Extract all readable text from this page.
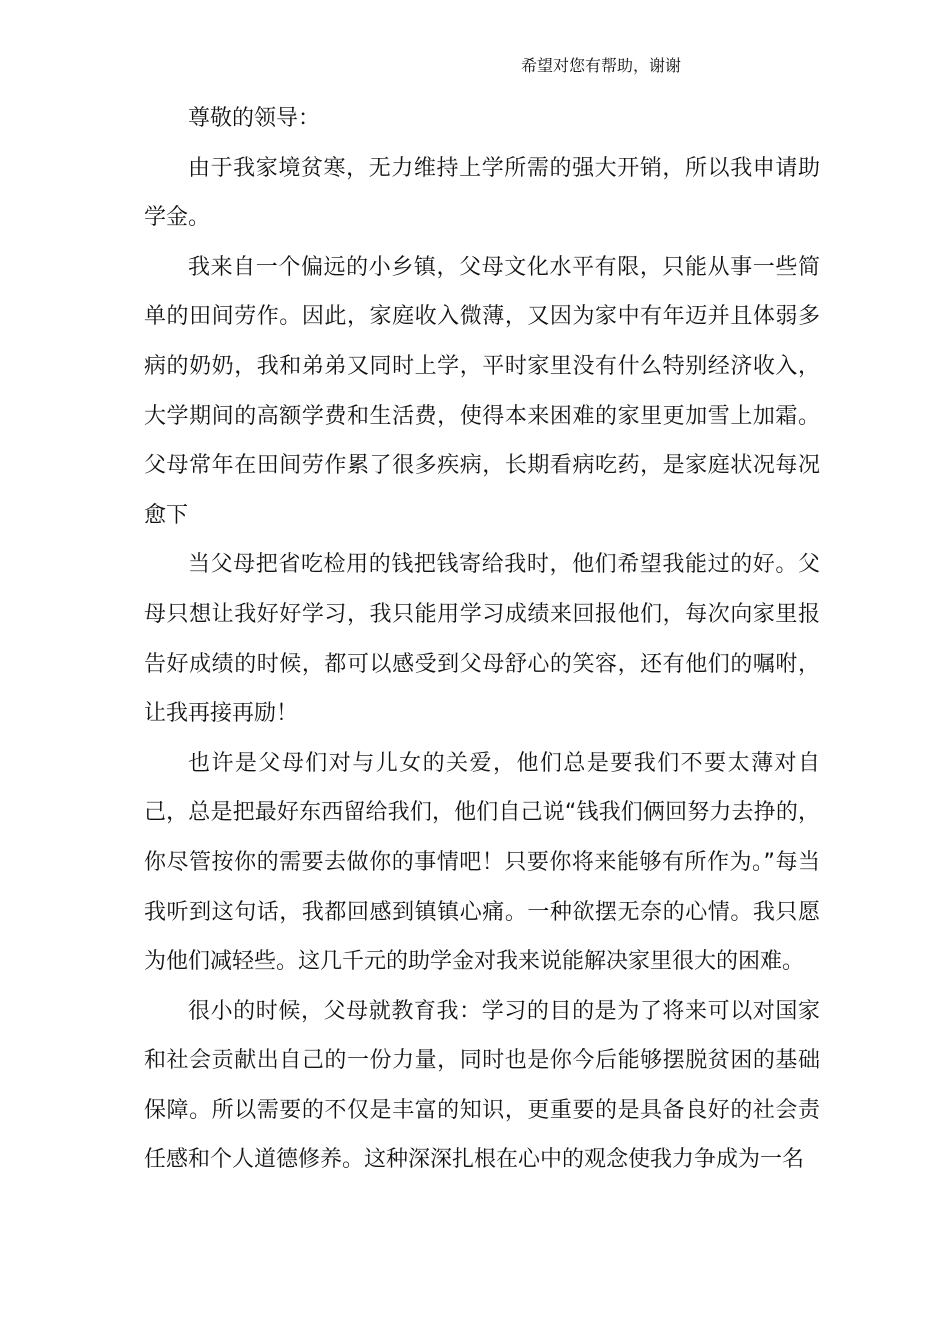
希望对您有帮助，谢谢

尊敬的领导：

由于我家境贫寒，无力维持上学所需的强大开销，所以我申请助学金。

我来自一个偏远的小乡镇，父母文化水平有限，只能从事一些简单的田间劳作。因此，家庭收入微薄，又因为家中有年迈并且体弱多病的奶奶，我和弟弟又同时上学，平时家里没有什么特别经济收入，大学期间的高额学费和生活费，使得本来困难的家里更加雪上加霜。父母常年在田间劳作累了很多疾病，长期看病吃药，是家庭状况每况愈下

当父母把省吃检用的钱把钱寄给我时，他们希望我能过的好。父母只想让我好好学习，我只能用学习成绩来回报他们，每次向家里报告好成绩的时候，都可以感受到父母舒心的笑容，还有他们的嘱咐，让我再接再励！

也许是父母们对与儿女的关爱，他们总是要我们不要太薄对自己，总是把最好东西留给我们，他们自己说“钱我们俩回努力去挣的，你尽管按你的需要去做你的事情吧！只要你将来能够有所作为。”每当我听到这句话，我都回感到镇镇心痛。一种欲摆无奈的心情。我只愿为他们减轻些。这几千元的助学金对我来说能解决家里很大的困难。

很小的时候，父母就教育我：学习的目的是为了将来可以对国家和社会贡献出自己的一份力量，同时也是你今后能够摆脱贫困的基础保障。所以需要的不仅是丰富的知识，更重要的是具备良好的社会责任感和个人道德修养。这种深深扎根在心中的观念使我力争成为一名
